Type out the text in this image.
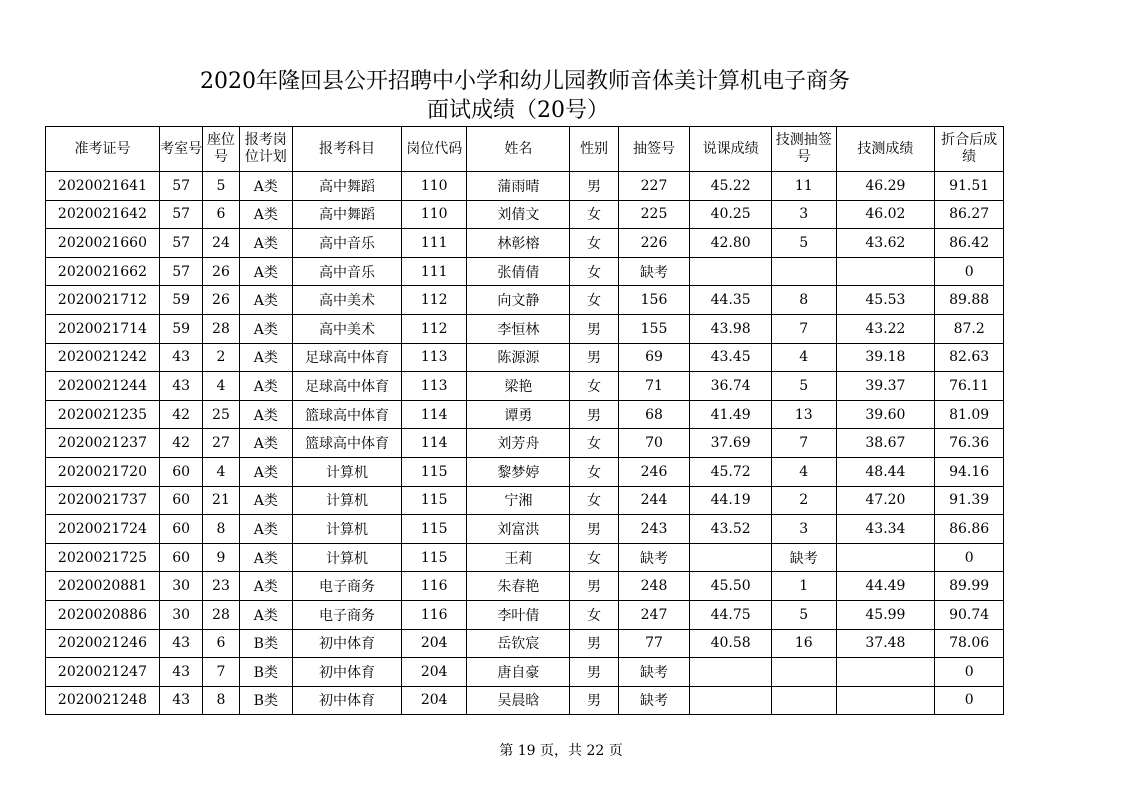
2020年隆回县公开招聘中小学和幼儿园教师音体美计算机电子商务
面试成绩（20号）
准考证号	考室号	座位号	报考岗位计划	报考科目	岗位代码	姓名	性别	抽签号	说课成绩	技测抽签号	技测成绩	折合后成绩
2020021641	57	5	A类	高中舞蹈	110	蒲雨晴	男	227	45.22	11	46.29	91.51
2020021642	57	6	A类	高中舞蹈	110	刘倩文	女	225	40.25	3	46.02	86.27
2020021660	57	24	A类	高中音乐	111	林彰榕	女	226	42.80	5	43.62	86.42
2020021662	57	26	A类	高中音乐	111	张倩倩	女	缺考				0
2020021712	59	26	A类	高中美术	112	向文静	女	156	44.35	8	45.53	89.88
2020021714	59	28	A类	高中美术	112	李恒林	男	155	43.98	7	43.22	87.2
2020021242	43	2	A类	足球高中体育	113	陈源源	男	69	43.45	4	39.18	82.63
2020021244	43	4	A类	足球高中体育	113	梁艳	女	71	36.74	5	39.37	76.11
2020021235	42	25	A类	篮球高中体育	114	谭勇	男	68	41.49	13	39.60	81.09
2020021237	42	27	A类	篮球高中体育	114	刘芳舟	女	70	37.69	7	38.67	76.36
2020021720	60	4	A类	计算机	115	黎梦婷	女	246	45.72	4	48.44	94.16
2020021737	60	21	A类	计算机	115	宁湘	女	244	44.19	2	47.20	91.39
2020021724	60	8	A类	计算机	115	刘富洪	男	243	43.52	3	43.34	86.86
2020021725	60	9	A类	计算机	115	王莉	女	缺考		缺考		0
2020020881	30	23	A类	电子商务	116	朱春艳	男	248	45.50	1	44.49	89.99
2020020886	30	28	A类	电子商务	116	李叶倩	女	247	44.75	5	45.99	90.74
2020021246	43	6	B类	初中体育	204	岳钦宸	男	77	40.58	16	37.48	78.06
2020021247	43	7	B类	初中体育	204	唐自豪	男	缺考				0
2020021248	43	8	B类	初中体育	204	吴晨晗	男	缺考				0
第 19 页，共 22 页
